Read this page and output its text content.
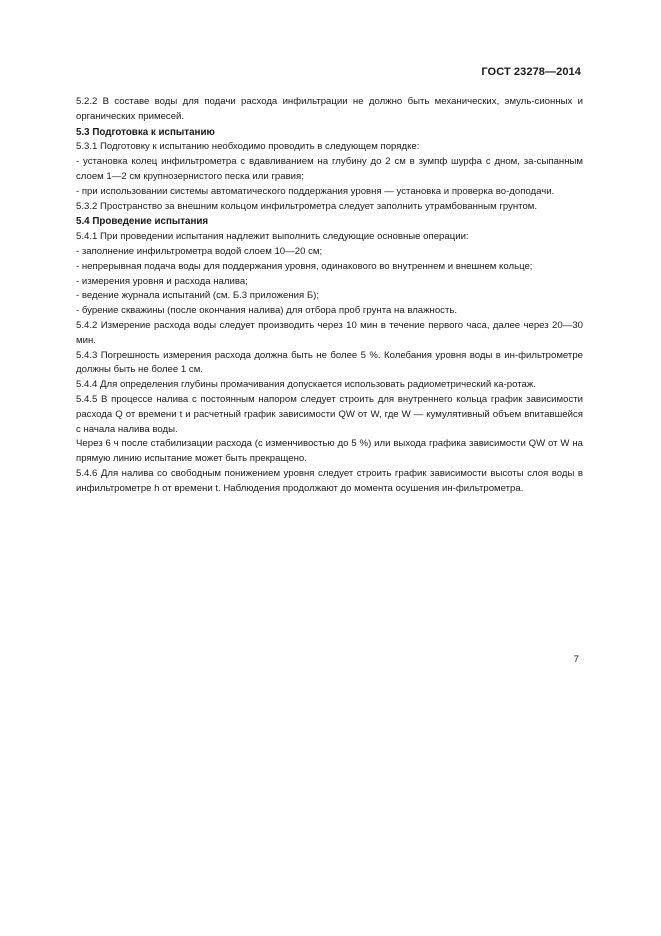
ГОСТ 23278—2014

5.2.2 В составе воды для подачи расхода инфильтрации не должно быть механических, эмуль-сионных и органических примесей.

5.3 Подготовка к испытанию

5.3.1 Подготовку к испытанию необходимо проводить в следующем порядке:

- установка колец инфильтрометра с вдавливанием на глубину до 2 см в зумпф шурфа с дном, за-сыпанным слоем 1—2 см крупнозернистого песка или гравия;

- при использовании системы автоматического поддержания уровня — установка и проверка во-доподачи.

5.3.2 Пространство за внешним кольцом инфильтрометра следует заполнить утрамбованным грунтом.

5.4 Проведение испытания

5.4.1 При проведении испытания надлежит выполнить следующие основные операции:

- заполнение инфильтрометра водой слоем 10—20 см;

- непрерывная подача воды для поддержания уровня, одинакового во внутреннем и внешнем кольце;

- измерения уровня и расхода налива;

- ведение журнала испытаний (см. Б.3 приложения Б);

- бурение скважины (после окончания налива) для отбора проб грунта на влажность.

5.4.2 Измерение расхода воды следует производить через 10 мин в течение первого часа, далее через 20—30 мин.

5.4.3 Погрешность измерения расхода должна быть не более 5 %. Колебания уровня воды в ин-фильтрометре должны быть не более 1 см.

5.4.4 Для определения глубины промачивания допускается использовать радиометрический ка-ротаж.

5.4.5 В процессе налива с постоянным напором следует строить для внутреннего кольца график зависимости расхода Q от времени t и расчетный график зависимости QW от W, где W — кумулятивный объем впитавшейся с начала налива воды.

Через 6 ч после стабилизации расхода (с изменчивостью до 5 %) или выхода графика зависимости QW от W на прямую линию испытание может быть прекращено.

5.4.6 Для налива со свободным понижением уровня следует строить график зависимости высоты слоя воды в инфильтрометре h от времени t. Наблюдения продолжают до момента осушения ин-фильтрометра.

7
